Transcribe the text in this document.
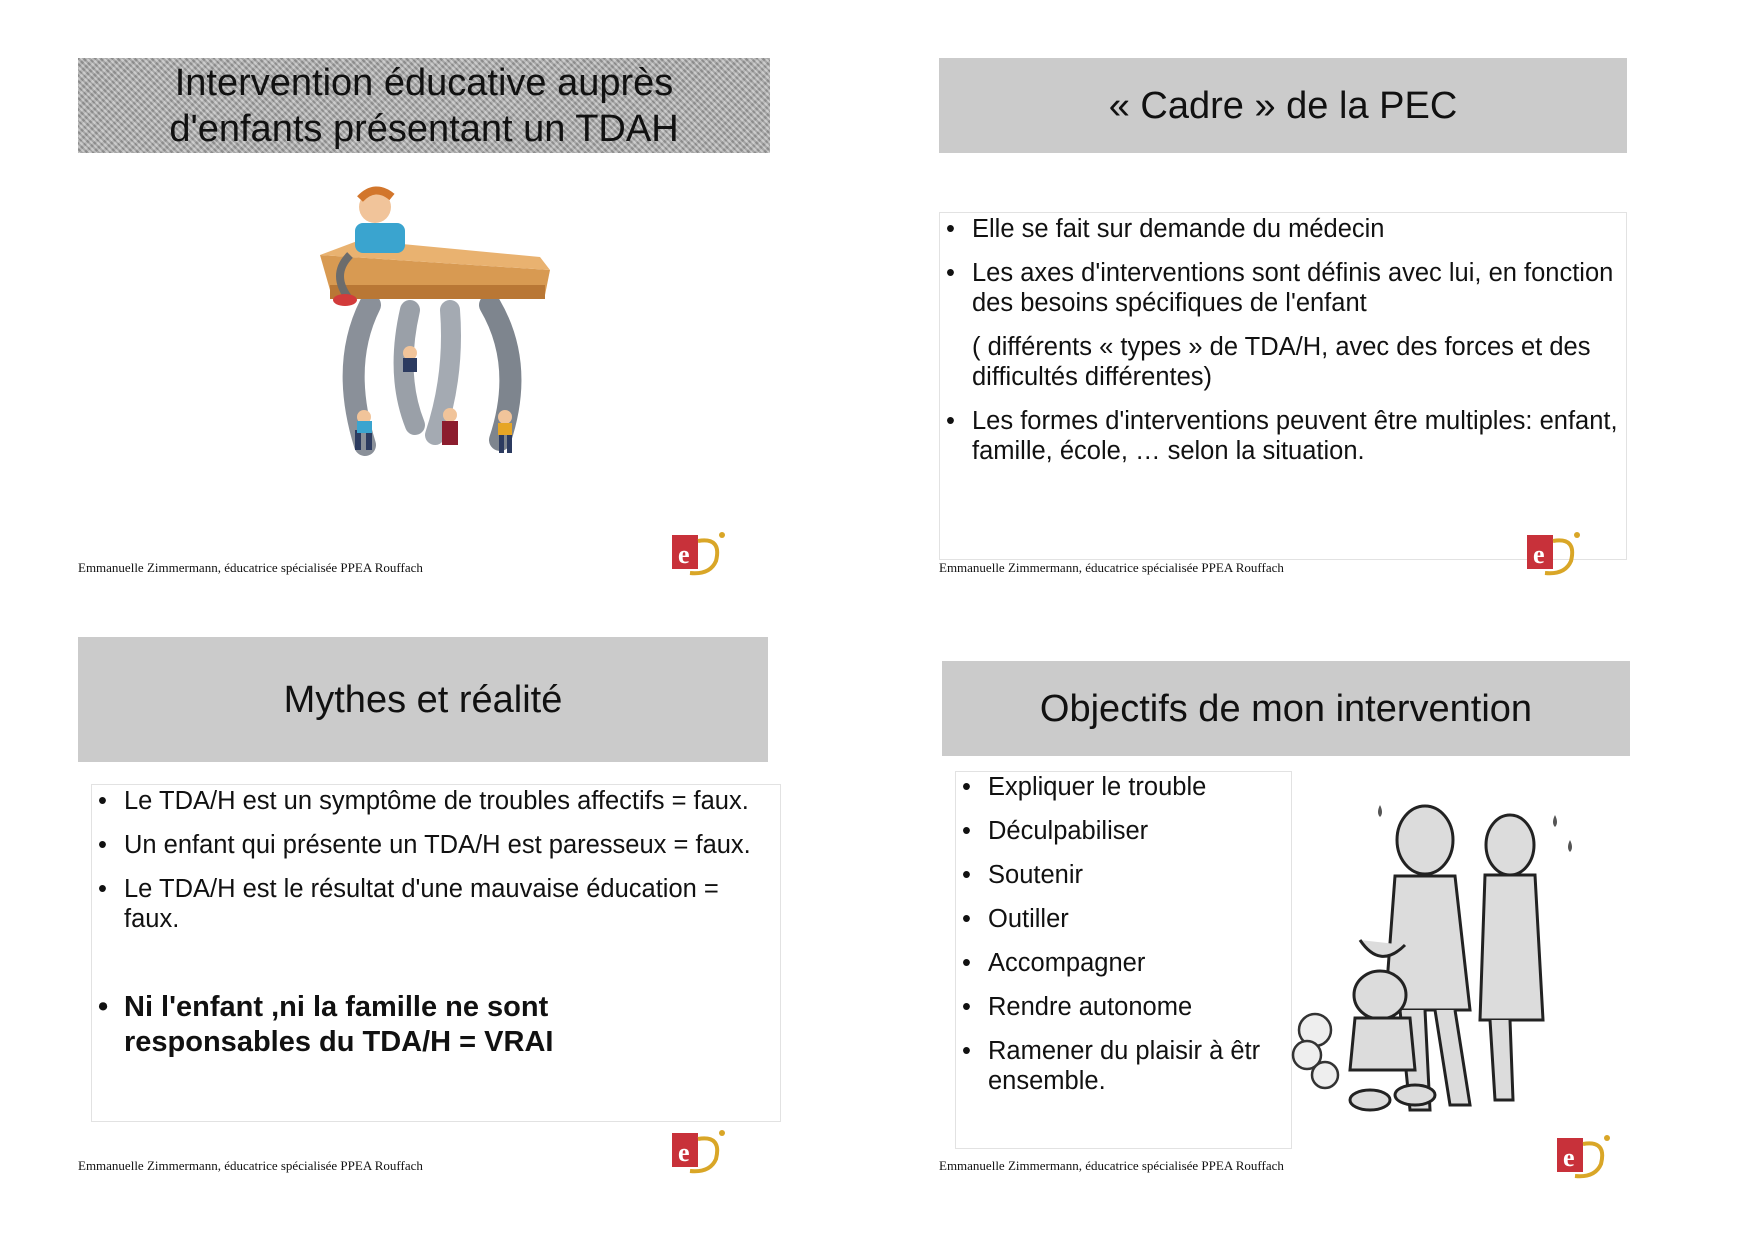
Intervention éducative auprès d'enfants présentant un TDAH
Emmanuelle Zimmermann, éducatrice spécialisée PPEA Rouffach	e
« Cadre » de la PEC
• Elle se fait sur demande du médecin
• Les axes d'interventions sont définis avec lui, en fonction des besoins spécifiques de l'enfant
( différents « types » de TDA/H, avec des forces et des difficultés différentes)
• Les formes d'interventions peuvent être multiples: enfant, famille, école, … selon la situation.
Emmanuelle Zimmermann, éducatrice spécialisée PPEA Rouffach	e
Mythes et réalité
• Le TDA/H est un symptôme de troubles affectifs = faux.
• Un enfant qui présente un TDA/H est paresseux = faux.
• Le TDA/H est le résultat d'une mauvaise éducation = faux.
• Ni l'enfant ,ni la famille ne sont responsables du TDA/H = VRAI
Emmanuelle Zimmermann, éducatrice spécialisée PPEA Rouffach	e
Objectifs de mon intervention
• Expliquer le trouble
• Déculpabiliser
• Soutenir
• Outiller
• Accompagner
• Rendre autonome
• Ramener du plaisir à êtr
ensemble.
Emmanuelle Zimmermann, éducatrice spécialisée PPEA Rouffach	e
